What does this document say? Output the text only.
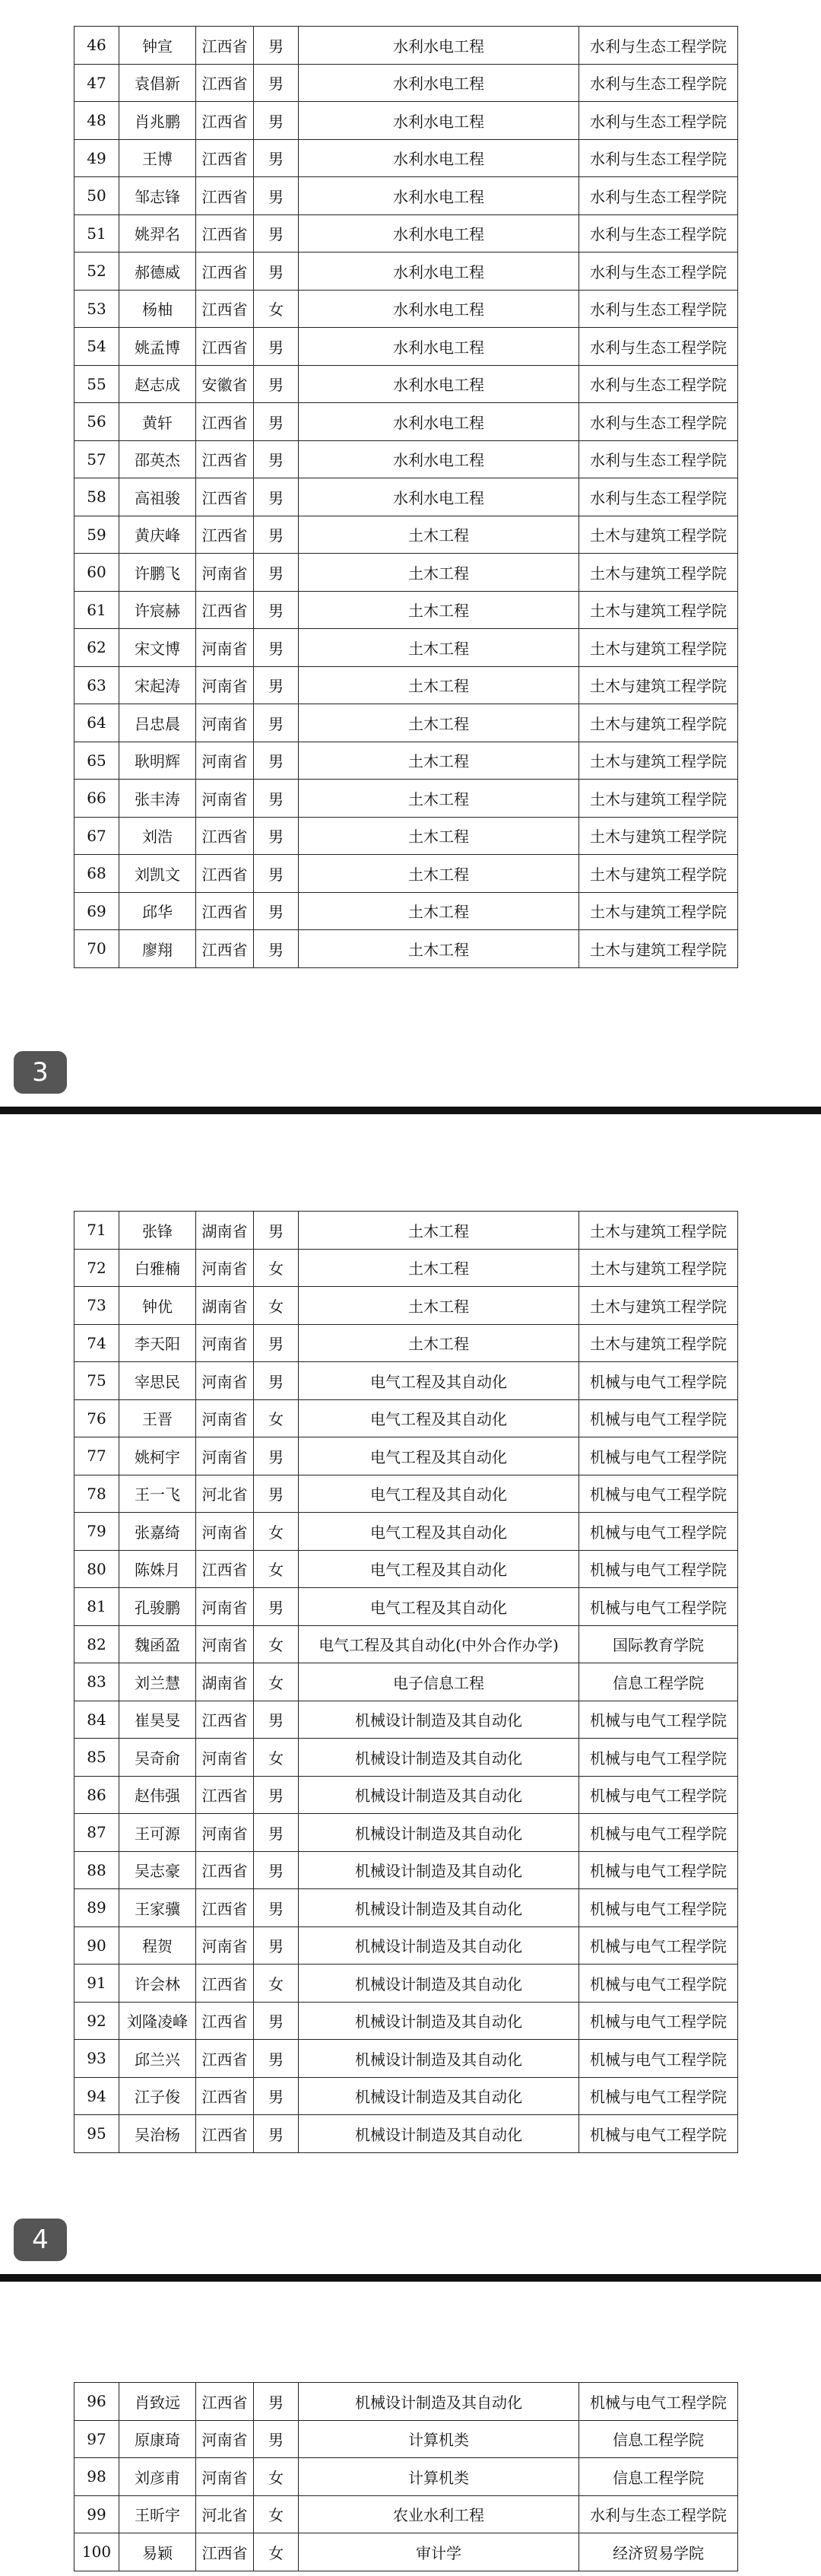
46	钟宣	江西省	男	水利水电工程	水利与生态工程学院
47	袁倡新	江西省	男	水利水电工程	水利与生态工程学院
48	肖兆鹏	江西省	男	水利水电工程	水利与生态工程学院
49	王博	江西省	男	水利水电工程	水利与生态工程学院
50	邹志锋	江西省	男	水利水电工程	水利与生态工程学院
51	姚羿名	江西省	男	水利水电工程	水利与生态工程学院
52	郝德威	江西省	男	水利水电工程	水利与生态工程学院
53	杨柚	江西省	女	水利水电工程	水利与生态工程学院
54	姚孟博	江西省	男	水利水电工程	水利与生态工程学院
55	赵志成	安徽省	男	水利水电工程	水利与生态工程学院
56	黄轩	江西省	男	水利水电工程	水利与生态工程学院
57	邵英杰	江西省	男	水利水电工程	水利与生态工程学院
58	高祖骏	江西省	男	水利水电工程	水利与生态工程学院
59	黄庆峰	江西省	男	土木工程	土木与建筑工程学院
60	许鹏飞	河南省	男	土木工程	土木与建筑工程学院
61	许宸赫	江西省	男	土木工程	土木与建筑工程学院
62	宋文博	河南省	男	土木工程	土木与建筑工程学院
63	宋起涛	河南省	男	土木工程	土木与建筑工程学院
64	吕忠晨	河南省	男	土木工程	土木与建筑工程学院
65	耿明辉	河南省	男	土木工程	土木与建筑工程学院
66	张丰涛	河南省	男	土木工程	土木与建筑工程学院
67	刘浩	江西省	男	土木工程	土木与建筑工程学院
68	刘凯文	江西省	男	土木工程	土木与建筑工程学院
69	邱华	江西省	男	土木工程	土木与建筑工程学院
70	廖翔	江西省	男	土木工程	土木与建筑工程学院
3
71	张锋	湖南省	男	土木工程	土木与建筑工程学院
72	白雅楠	河南省	女	土木工程	土木与建筑工程学院
73	钟优	湖南省	女	土木工程	土木与建筑工程学院
74	李天阳	河南省	男	土木工程	土木与建筑工程学院
75	宰思民	河南省	男	电气工程及其自动化	机械与电气工程学院
76	王晋	河南省	女	电气工程及其自动化	机械与电气工程学院
77	姚柯宇	河南省	男	电气工程及其自动化	机械与电气工程学院
78	王一飞	河北省	男	电气工程及其自动化	机械与电气工程学院
79	张嘉绮	河南省	女	电气工程及其自动化	机械与电气工程学院
80	陈姝月	江西省	女	电气工程及其自动化	机械与电气工程学院
81	孔骏鹏	河南省	男	电气工程及其自动化	机械与电气工程学院
82	魏函盈	河南省	女	电气工程及其自动化(中外合作办学)	国际教育学院
83	刘兰慧	湖南省	女	电子信息工程	信息工程学院
84	崔昊旻	江西省	男	机械设计制造及其自动化	机械与电气工程学院
85	吴奇俞	河南省	女	机械设计制造及其自动化	机械与电气工程学院
86	赵伟强	江西省	男	机械设计制造及其自动化	机械与电气工程学院
87	王可源	河南省	男	机械设计制造及其自动化	机械与电气工程学院
88	吴志豪	江西省	男	机械设计制造及其自动化	机械与电气工程学院
89	王家骥	江西省	男	机械设计制造及其自动化	机械与电气工程学院
90	程贺	河南省	男	机械设计制造及其自动化	机械与电气工程学院
91	许会林	江西省	女	机械设计制造及其自动化	机械与电气工程学院
92	刘隆凌峰	江西省	男	机械设计制造及其自动化	机械与电气工程学院
93	邱兰兴	江西省	男	机械设计制造及其自动化	机械与电气工程学院
94	江子俊	江西省	男	机械设计制造及其自动化	机械与电气工程学院
95	吴治杨	江西省	男	机械设计制造及其自动化	机械与电气工程学院
4
96	肖致远	江西省	男	机械设计制造及其自动化	机械与电气工程学院
97	原康琦	河南省	男	计算机类	信息工程学院
98	刘彦甫	河南省	女	计算机类	信息工程学院
99	王昕宇	河北省	女	农业水利工程	水利与生态工程学院
100	易颖	江西省	女	审计学	经济贸易学院
